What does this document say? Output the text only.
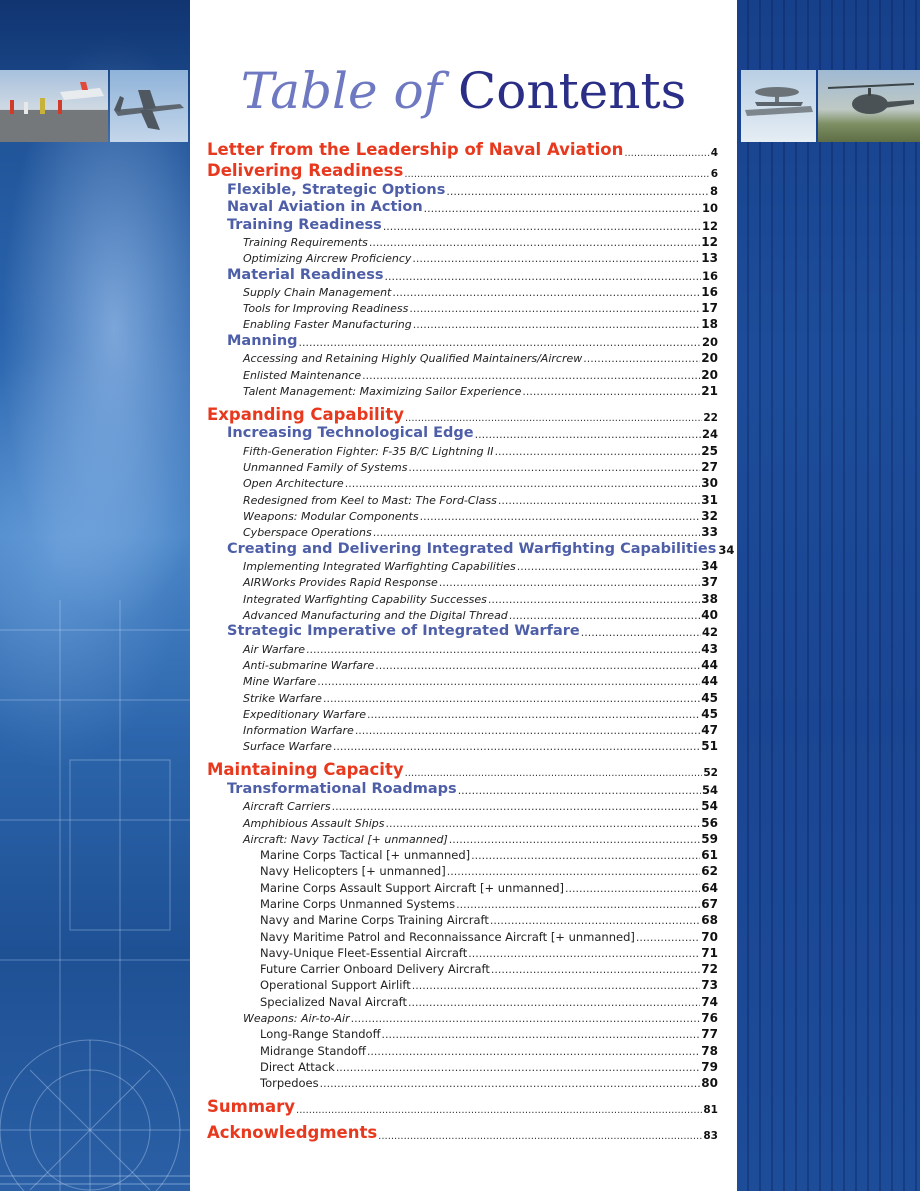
Table of Contents
Letter from the Leadership of Naval Aviation .....	4
Delivering Readiness .....	6
Flexible, Strategic Options .....	8
Naval Aviation in Action .....	10
Training Readiness .....	12
Training Requirements .....	12
Optimizing Aircrew Proficiency .....	13
Material Readiness .....	16
Supply Chain Management .....	16
Tools for Improving Readiness .....	17
Enabling Faster Manufacturing .....	18
Manning .....	20
Accessing and Retaining Highly Qualified Maintainers/Aircrew .....	20
Enlisted Maintenance .....	20
Talent Management: Maximizing Sailor Experience .....	21
Expanding Capability .....	22
Increasing Technological Edge .....	24
Fifth-Generation Fighter: F-35 B/C Lightning II .....	25
Unmanned Family of Systems .....	27
Open Architecture .....	30
Redesigned from Keel to Mast: The Ford-Class .....	31
Weapons: Modular Components .....	32
Cyberspace Operations .....	33
Creating and Delivering Integrated Warfighting Capabilities 34
Implementing Integrated Warfighting Capabilities .....	34
AIRWorks Provides Rapid Response .....	37
Integrated Warfighting Capability Successes .....	38
Advanced Manufacturing and the Digital Thread .....	40
Strategic Imperative of Integrated Warfare .....	42
Air Warfare .....	43
Anti-submarine Warfare .....	44
Mine Warfare .....	44
Strike Warfare .....	45
Expeditionary Warfare .....	45
Information Warfare .....	47
Surface Warfare .....	51
Maintaining Capacity .....	52
Transformational Roadmaps .....	54
Aircraft Carriers .....	54
Amphibious Assault Ships .....	56
Aircraft: Navy Tactical [+ unmanned] .....	59
Marine Corps Tactical [+ unmanned] .....	61
Navy Helicopters [+ unmanned] .....	62
Marine Corps Assault Support Aircraft [+ unmanned] .....	64
Marine Corps Unmanned Systems .....	67
Navy and Marine Corps Training Aircraft .....	68
Navy Maritime Patrol and Reconnaissance Aircraft [+ unmanned] .....	70
Navy-Unique Fleet-Essential Aircraft .....	71
Future Carrier Onboard Delivery Aircraft .....	72
Operational Support Airlift .....	73
Specialized Naval Aircraft .....	74
Weapons: Air-to-Air .....	76
Long-Range Standoff .....	77
Midrange Standoff .....	78
Direct Attack .....	79
Torpedoes .....	80
Summary .....	81
Acknowledgments .....	83
